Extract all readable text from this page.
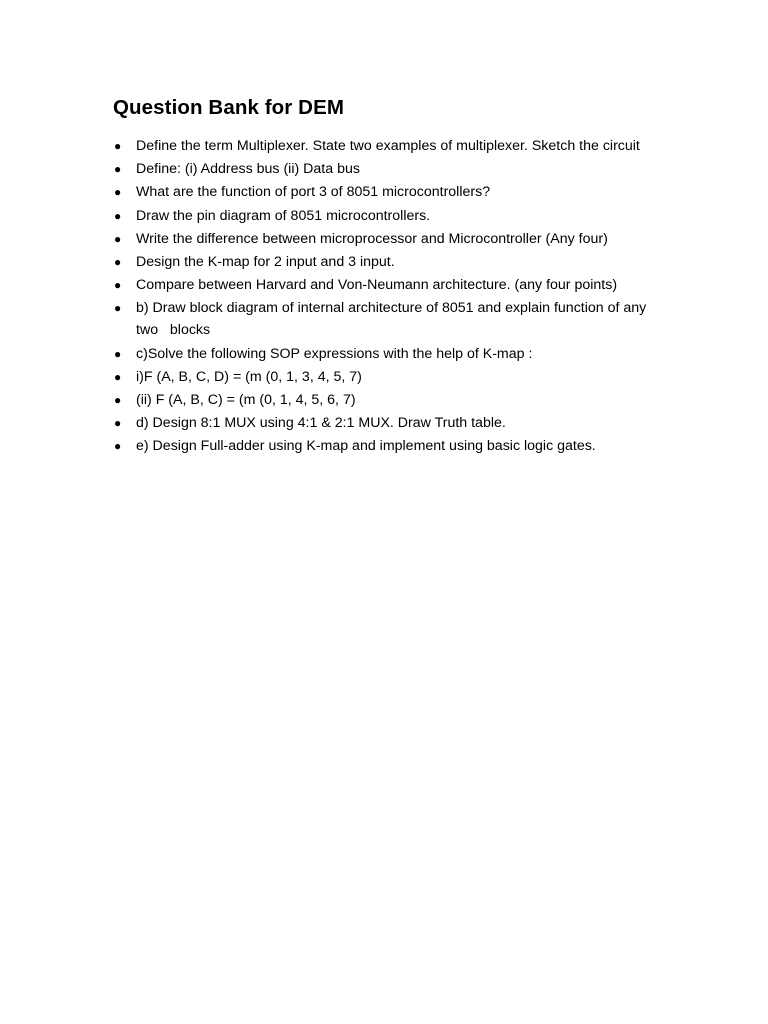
Question Bank for DEM
● Define the term Multiplexer. State two examples of multiplexer. Sketch the circuit
● Define: (i) Address bus (ii) Data bus
● What are the function of port 3 of 8051 microcontrollers?
● Draw the pin diagram of 8051 microcontrollers.
● Write the difference between microprocessor and Microcontroller (Any four)
● Design the K-map for 2 input and 3 input.
● Compare between Harvard and Von-Neumann architecture. (any four points)
● b) Draw block diagram of internal architecture of 8051 and explain function of any two   blocks
● c)Solve the following SOP expressions with the help of K-map :
● i)F (A, B, C, D) = (m (0, 1, 3, 4, 5, 7)
● (ii) F (A, B, C) = (m (0, 1, 4, 5, 6, 7)
● d) Design 8:1 MUX using 4:1 & 2:1 MUX. Draw Truth table.
● e) Design Full-adder using K-map and implement using basic logic gates.
